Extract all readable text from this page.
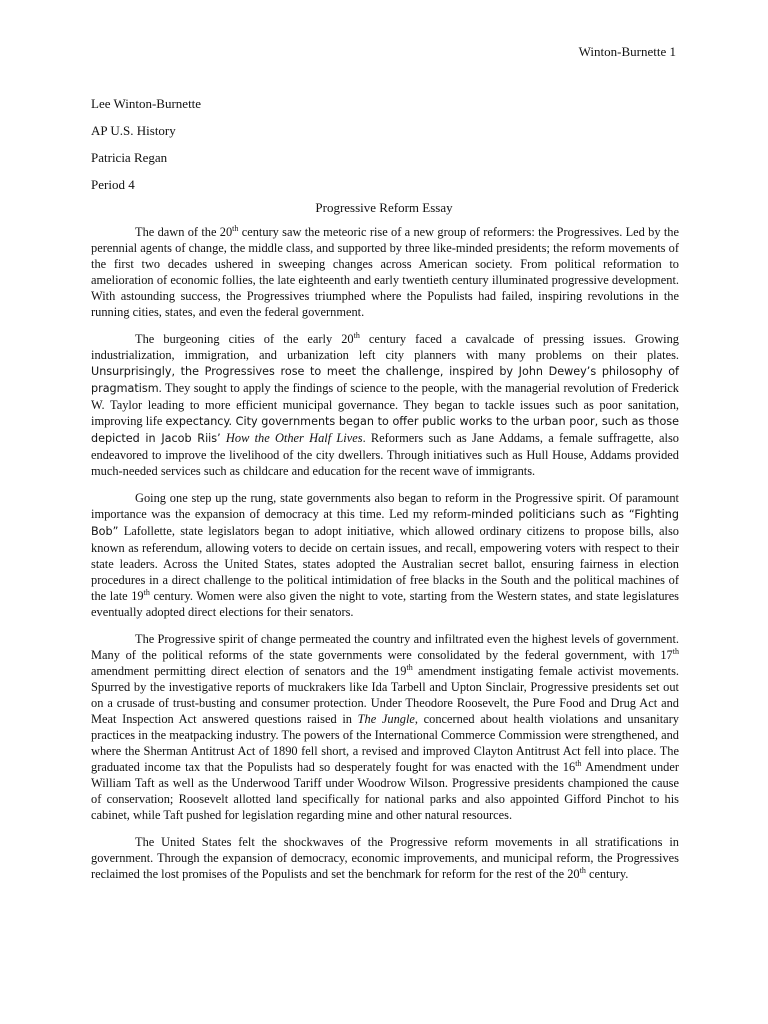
Winton-Burnette 1
Lee Winton-Burnette
AP U.S. History
Patricia Regan
Period 4
Progressive Reform Essay

The dawn of the 20th century saw the meteoric rise of a new group of reformers: the Progressives. Led by the perennial agents of change, the middle class, and supported by three like-minded presidents; the reform movements of the first two decades ushered in sweeping changes across American society. From political reformation to amelioration of economic follies, the late eighteenth and early twentieth century illuminated progressive development. With astounding success, the Progressives triumphed where the Populists had failed, inspiring revolutions in the running cities, states, and even the federal government.

The burgeoning cities of the early 20th century faced a cavalcade of pressing issues. Growing industrialization, immigration, and urbanization left city planners with many problems on their plates. Unsurprisingly, the Progressives rose to meet the challenge, inspired by John Dewey’s philosophy of pragmatism. They sought to apply the findings of science to the people, with the managerial revolution of Frederick W. Taylor leading to more efficient municipal governance. They began to tackle issues such as poor sanitation, improving life expectancy. City governments began to offer public works to the urban poor, such as those depicted in Jacob Riis’ How the Other Half Lives. Reformers such as Jane Addams, a female suffragette, also endeavored to improve the livelihood of the city dwellers. Through initiatives such as Hull House, Addams provided much-needed services such as childcare and education for the recent wave of immigrants.

Going one step up the rung, state governments also began to reform in the Progressive spirit. Of paramount importance was the expansion of democracy at this time. Led my reform-minded politicians such as “Fighting Bob” Lafollette, state legislators began to adopt initiative, which allowed ordinary citizens to propose bills, also known as referendum, allowing voters to decide on certain issues, and recall, empowering voters with respect to their state leaders. Across the United States, states adopted the Australian secret ballot, ensuring fairness in election procedures in a direct challenge to the political intimidation of free blacks in the South and the political machines of the late 19th century. Women were also given the night to vote, starting from the Western states, and state legislatures eventually adopted direct elections for their senators.

The Progressive spirit of change permeated the country and infiltrated even the highest levels of government. Many of the political reforms of the state governments were consolidated by the federal government, with 17th amendment permitting direct election of senators and the 19th amendment instigating female activist movements. Spurred by the investigative reports of muckrakers like Ida Tarbell and Upton Sinclair, Progressive presidents set out on a crusade of trust-busting and consumer protection. Under Theodore Roosevelt, the Pure Food and Drug Act and Meat Inspection Act answered questions raised in The Jungle, concerned about health violations and unsanitary practices in the meatpacking industry. The powers of the International Commerce Commission were strengthened, and where the Sherman Antitrust Act of 1890 fell short, a revised and improved Clayton Antitrust Act fell into place. The graduated income tax that the Populists had so desperately fought for was enacted with the 16th Amendment under William Taft as well as the Underwood Tariff under Woodrow Wilson. Progressive presidents championed the cause of conservation; Roosevelt allotted land specifically for national parks and also appointed Gifford Pinchot to his cabinet, while Taft pushed for legislation regarding mine and other natural resources.

The United States felt the shockwaves of the Progressive reform movements in all stratifications in government. Through the expansion of democracy, economic improvements, and municipal reform, the Progressives reclaimed the lost promises of the Populists and set the benchmark for reform for the rest of the 20th century.
